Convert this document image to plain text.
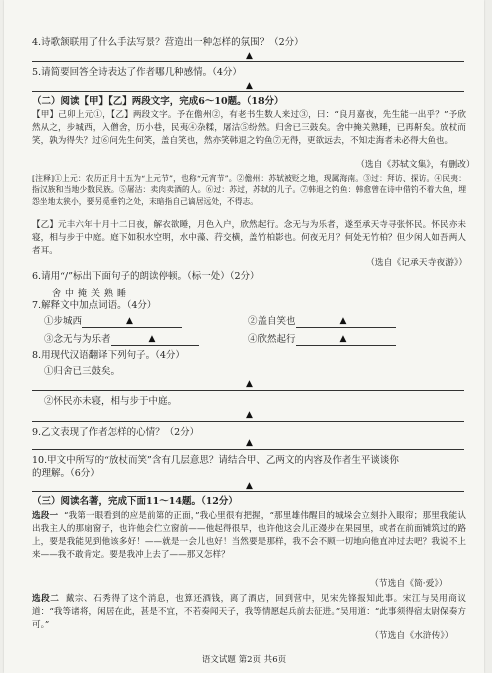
4.诗歌颔联用了什么手法写景？营造出一种怎样的氛围？（2分）
▲
5.请简要回答全诗表达了作者哪几种感情。（4分）
▲
（二）阅读【甲】【乙】两段文字，完成6～10题。（18分）
【甲】己卯上元①，【乙】两段文字。予在儋州②，有老书生数人来过③，曰：“良月嘉夜，先生能一出乎？”予欣然从之，步城西，入僧舍，历小巷，民夷④杂糅，屠沽⑤纷然。归舍已三鼓矣。舍中掩关熟睡，已再鼾矣。放杖而笑，孰为得失？过⑥问先生何笑，盖自笑也，然亦笑韩退之钓鱼⑦无得，更欲远去，不知走海者未必得大鱼也。
（选自《苏轼文集》，有删改）
[注释]①上元：农历正月十五为“上元节”，也称“元宵节”。②儋州：苏轼被贬之地，现属海南。③过：拜访、探访。④民夷：指汉族和当地少数民族。⑤屠沽：卖肉卖酒的人。⑥过：苏过，苏轼的儿子。⑦韩退之钓鱼：韩愈曾在诗中借钓不着大鱼，埋怨坐地太狭小，要另觅垂钓之处，末暗指自己谪居远处，不得志。
【乙】元丰六年十月十二日夜，解衣欲睡，月色入户，欣然起行。念无与为乐者，遂至承天寺寻张怀民。怀民亦未寝，相与步于中庭。庭下如积水空明，水中藻、荇交横，盖竹柏影也。何夜无月？何处无竹柏？但少闲人如吾两人者耳。
（选自《记承天寺夜游》）
6.请用“/”标出下面句子的朗读停顿。（标一处）（2分）
舍中掩关熟睡
7.解释文中加点词语。（4分）
①步城西	▲	②盖自笑也	▲
③念无与为乐者	▲	④欣然起行	▲
8.用现代汉语翻译下列句子。（4分）
①归舍已三鼓矣。
▲
②怀民亦未寝，相与步于中庭。
▲
9.乙文表现了作者怎样的心情？（2分）
▲
10.甲文中所写的“放杖而笑”含有几层意思？请结合甲、乙两文的内容及作者生平谈谈你
的理解。（6分）
▲
（三）阅读名著，完成下面11～14题。（12分）
选段一  “我第一眼看到的应是前第的正面，”我心里很有把握，“那里雄伟醒目的城垛会立刻扑入眼帘；那里我能认出我主人的那扇窗子，也许他会伫立窗前——他起得很早，也许他这会儿正漫步在果园里，或者在前面铺筑过的路上，要是我能见到他该多好！——就是一会儿也好！当然要是那样，我不会不顾一切地向他直冲过去吧？我说不上来——我不敢肯定。要是我冲上去了——那又怎样？
（节选自《简·爱》）
选段二 戴宗、石秀得了这个消息，也算还酒钱，离了酒店，回到营中，见宋先锋报知此事。宋江与吴用商议道：“我等诸将，闲居在此，甚是不宜，不若奏闻天子，我等情愿起兵前去征进。”吴用道：“此事须得宿太尉保奏方可。”
（节选自《水浒传》）
语文试题 第2页 共6页
